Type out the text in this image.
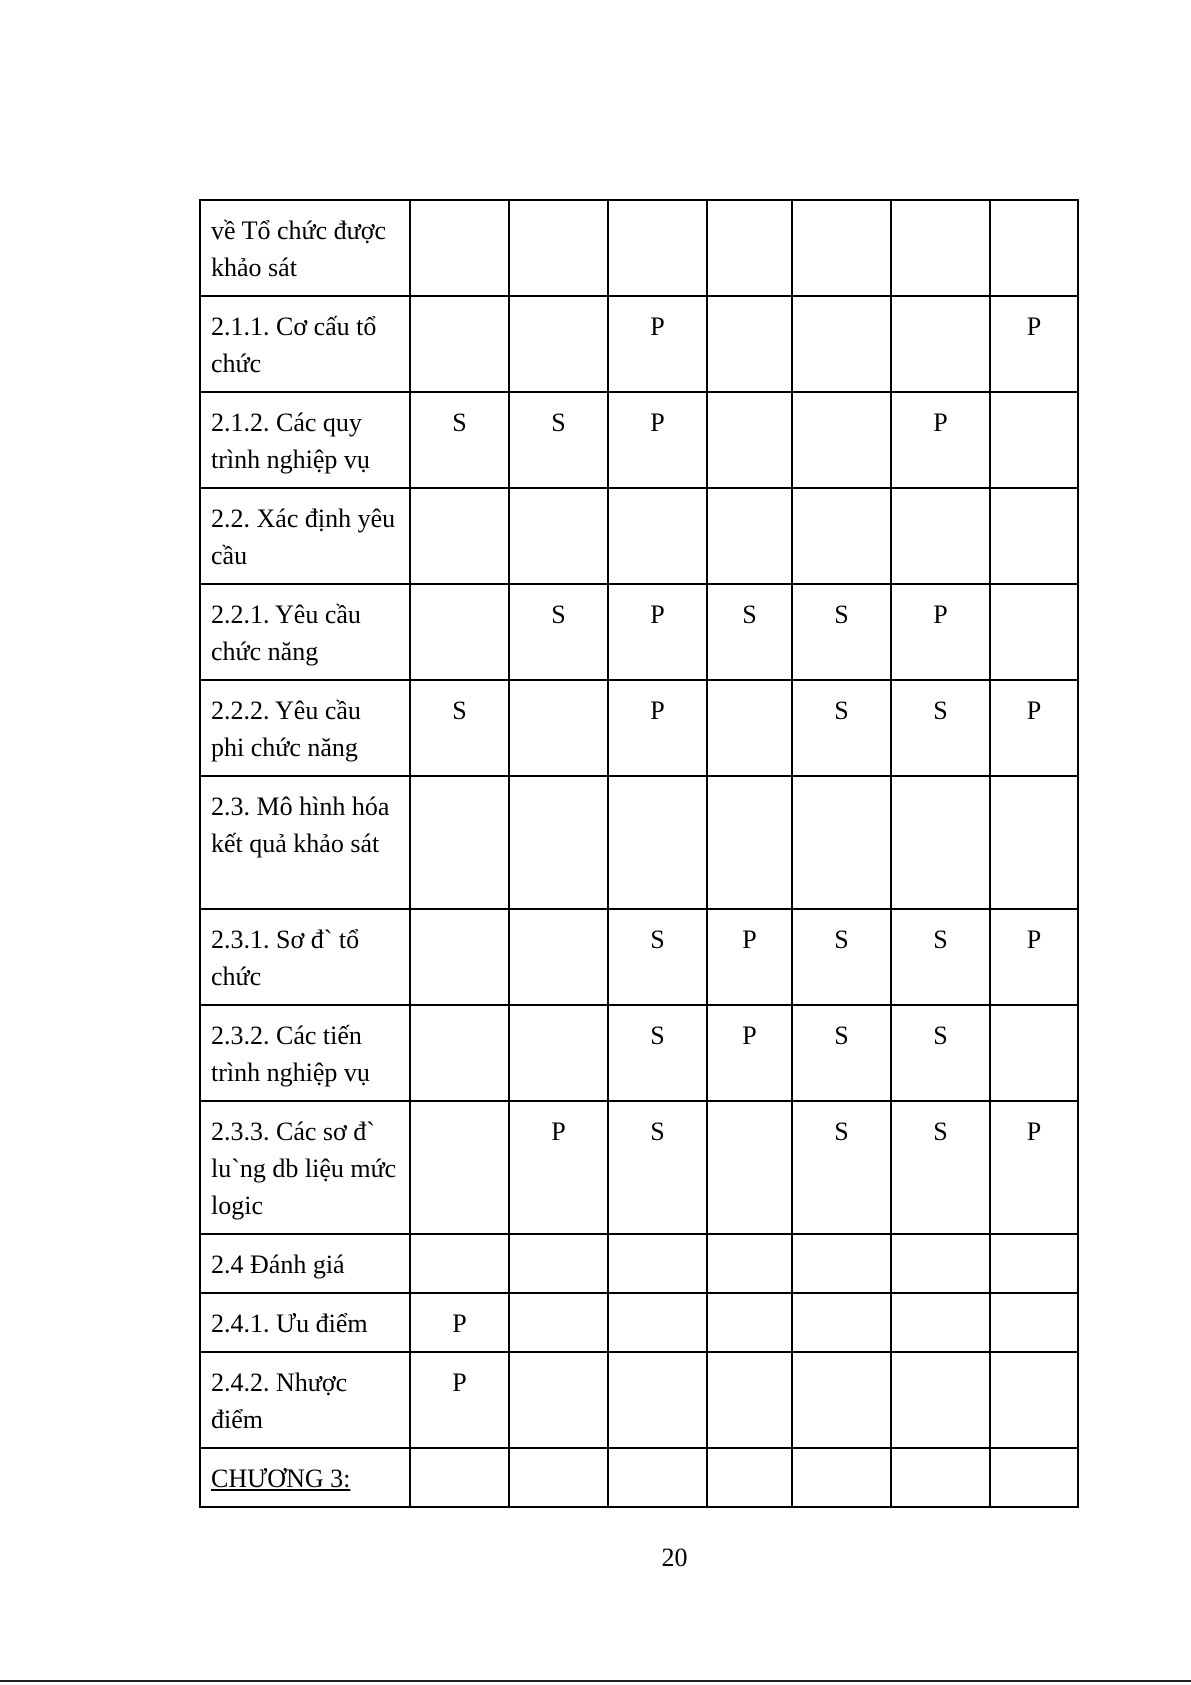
về Tổ chức được khảo sát							
2.1.1. Cơ cấu tổ chức			P				P
2.1.2. Các quy trình nghiệp vụ	S	S	P			P	
2.2. Xác định yêu cầu							
2.2.1. Yêu cầu chức năng		S	P	S	S	P	
2.2.2. Yêu cầu phi chức năng	S		P		S	S	P
2.3. Mô hình hóa kết quả khảo sát							
2.3.1. Sơ đ` tổ chức			S	P	S	S	P
2.3.2. Các tiến trình nghiệp vụ			S	P	S	S	
2.3.3. Các sơ đ` lu`ng db liệu mức logic		P	S		S	S	P
2.4 Đánh giá							
2.4.1. Ưu điểm	P						
2.4.2. Nhược điểm	P						
CHƯƠNG 3:							
20
